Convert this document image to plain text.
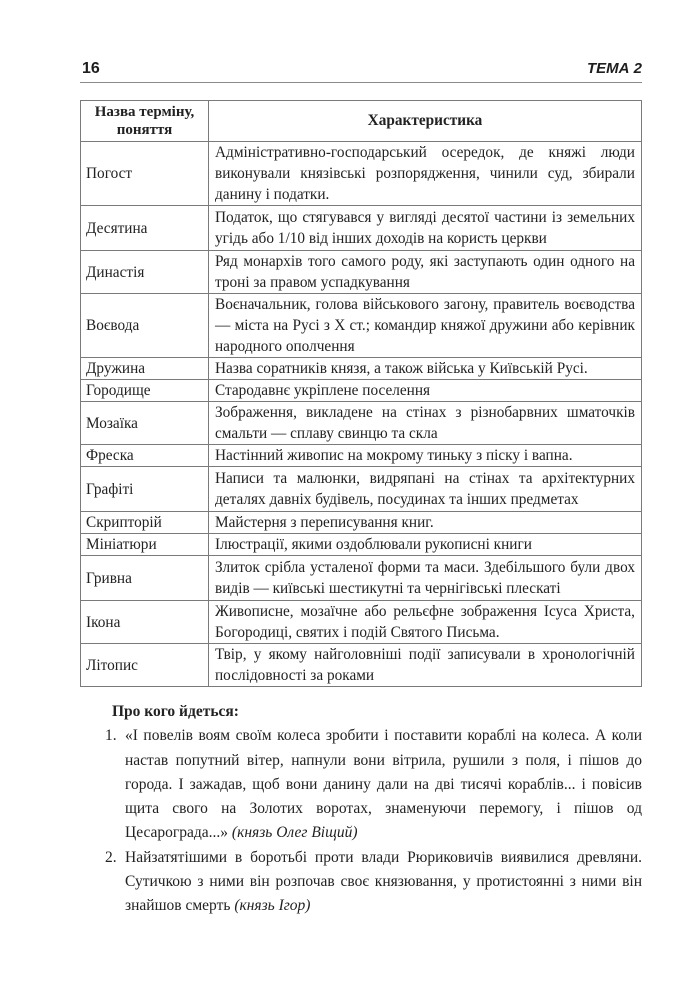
16	ТЕМА 2
Назва терміну, поняття	Характеристика
Погост	Адміністративно-господарський осередок, де княжі люди виконували князівські розпорядження, чинили суд, збирали данину і податки.
Десятина	Податок, що стягувався у вигляді десятої частини із земельних угідь або 1/10 від інших доходів на користь церкви
Династія	Ряд монархів того самого роду, які заступають один одного на троні за правом успадкування
Воєвода	Воєначальник, голова військового загону, правитель воєводства — міста на Русі з Х ст.; командир княжої дружини або керівник народного ополчення
Дружина	Назва соратників князя, а також війська у Київській Русі.
Городище	Стародавнє укріплене поселення
Мозаїка	Зображення, викладене на стінах з різнобарвних шматочків смальти — сплаву свинцю та скла
Фреска	Настінний живопис на мокрому тиньку з піску і вапна.
Графіті	Написи та малюнки, видряпані на стінах та архітектурних деталях давніх будівель, посудинах та інших предметах
Скрипторій	Майстерня з переписування книг.
Мініатюри	Ілюстрації, якими оздоблювали рукописні книги
Гривна	Злиток срібла усталеної форми та маси. Здебільшого були двох видів — київські шестикутні та чернігівські плескаті
Ікона	Живописне, мозаїчне або рельєфне зображення Ісуса Христа, Богородиці, святих і подій Святого Письма.
Літопис	Твір, у якому найголовніші події записували в хронологічній послідовності за роками
Про кого йдеться:
1. «І повелів воям своїм колеса зробити і поставити кораблі на колеса. А коли настав попутний вітер, напнули вони вітрила, рушили з поля, і пішов до города. І зажадав, щоб вони данину дали на дві тисячі кораблів... і повісив щита свого на Золотих воротах, знаменуючи перемогу, і пішов од Цесарограда...» (князь Олег Віщий)
2. Найзатятішими в боротьбі проти влади Рюриковичів виявилися древляни. Сутичкою з ними він розпочав своє князювання, у протистоянні з ними він знайшов смерть (князь Ігор)
